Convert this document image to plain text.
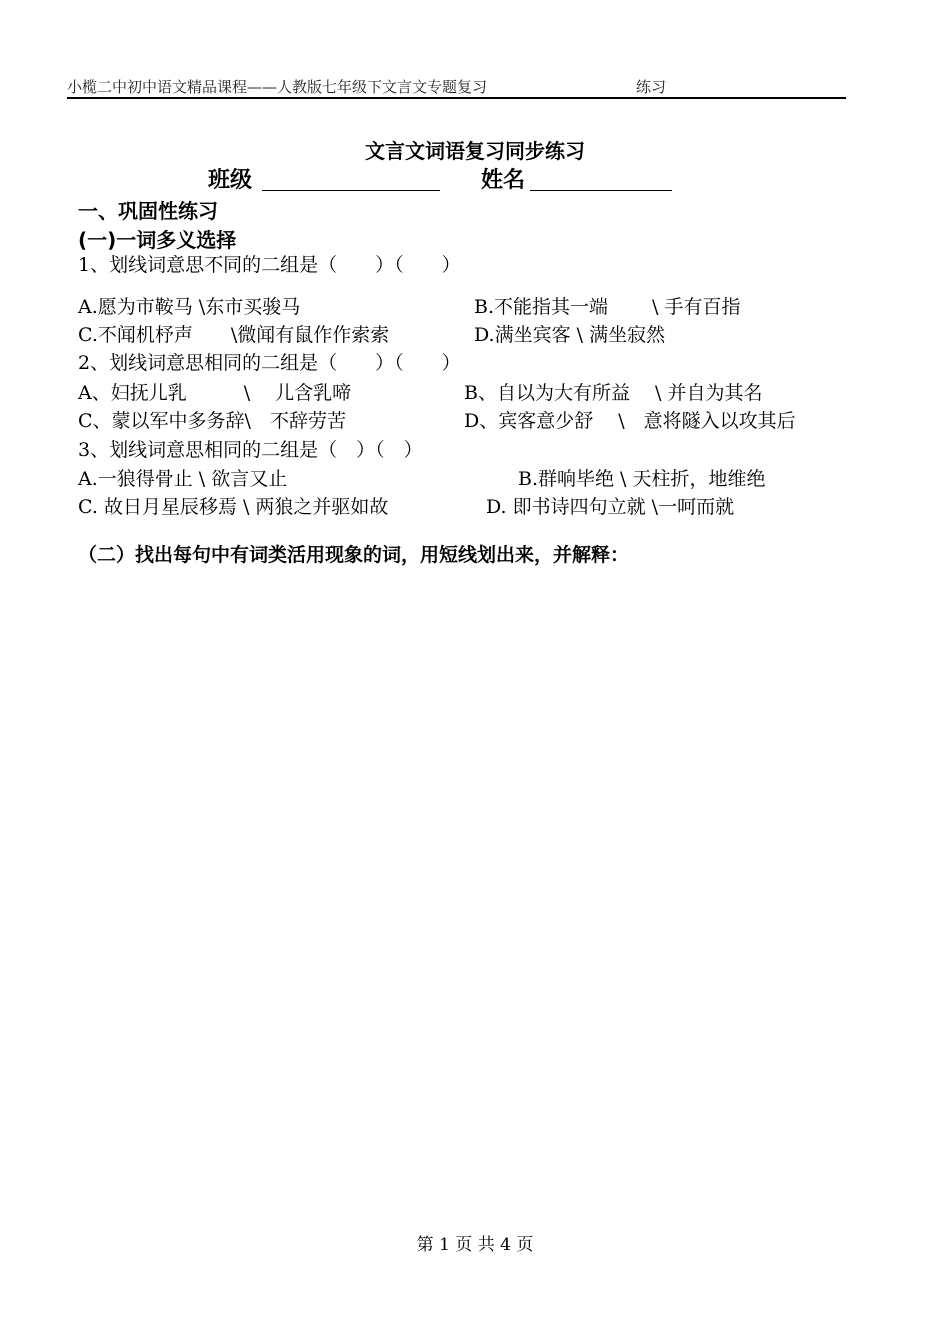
小榄二中初中语文精品课程——人教版七年级下文言文专题复习	练习
文言文词语复习同步练习
班级	姓名
一、巩固性练习
(一)一词多义选择
1、划线词意思不同的二组是（　　）（　　）
A.愿为市鞍马 \东市买骏马	B.不能指其一端　　 \ 手有百指
C.不闻机杼声　　\微闻有鼠作作索索	D.满坐宾客 \ 满坐寂然
2、划线词意思相同的二组是（　　）（　　）
A、妇抚儿乳　　　\　 儿含乳啼	B、自以为大有所益　 \ 并自为其名
C、蒙以军中多务辞\　不辞劳苦	D、宾客意少舒　 \　意将隧入以攻其后
3、划线词意思相同的二组是（　）（　）
A.一狼得骨止 \ 欲言又止	B.群响毕绝 \ 天柱折，地维绝
C. 故日月星辰移焉 \ 两狼之并驱如故	D. 即书诗四句立就 \一呵而就
（二）找出每句中有词类活用现象的词，用短线划出来，并解释：
第 1 页 共 4 页
